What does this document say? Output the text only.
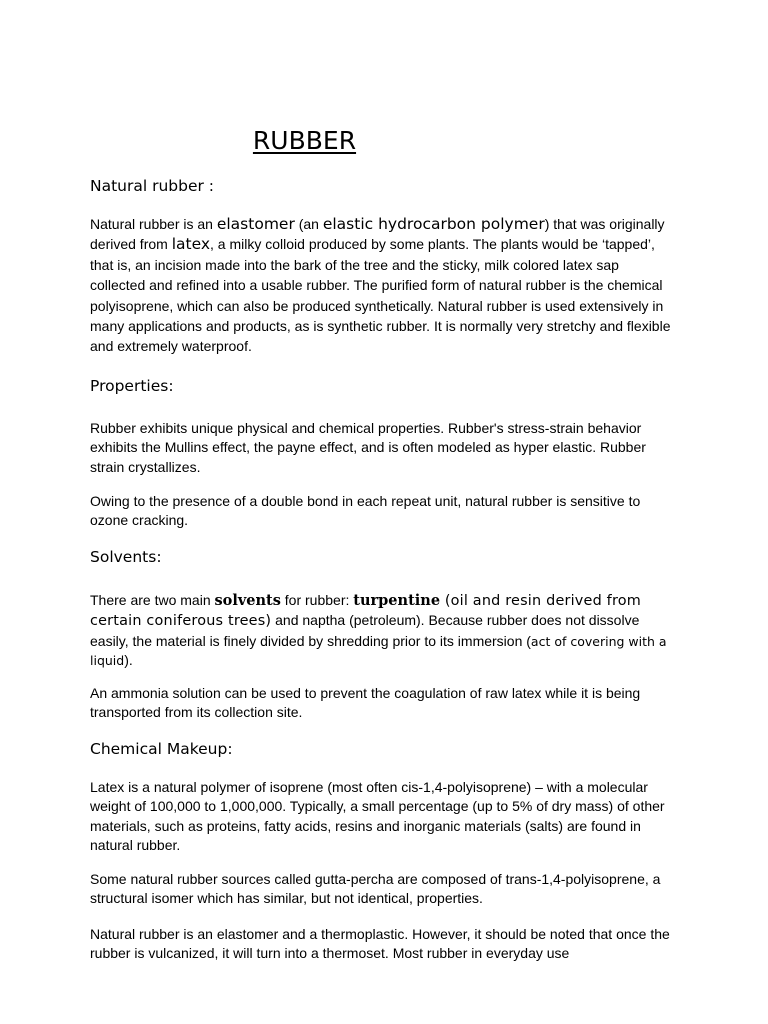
RUBBER
Natural rubber :

Natural rubber is an elastomer (an elastic hydrocarbon polymer) that was originally derived from latex, a milky colloid produced by some plants. The plants would be ‘tapped’, that is, an incision made into the bark of the tree and the sticky, milk colored latex sap collected and refined into a usable rubber. The purified form of natural rubber is the chemical polyisoprene, which can also be produced synthetically. Natural rubber is used extensively in many applications and products, as is synthetic rubber. It is normally very stretchy and flexible and extremely waterproof.

Properties:

Rubber exhibits unique physical and chemical properties. Rubber's stress-strain behavior exhibits the Mullins effect, the payne effect, and is often modeled as hyper elastic. Rubber strain crystallizes.

Owing to the presence of a double bond in each repeat unit, natural rubber is sensitive to ozone cracking.

Solvents:

There are two main solvents for rubber: turpentine (oil and resin derived from certain coniferous trees) and naptha (petroleum). Because rubber does not dissolve easily, the material is finely divided by shredding prior to its immersion (act of covering with a liquid).

An ammonia solution can be used to prevent the coagulation of raw latex while it is being transported from its collection site.

Chemical Makeup:

Latex is a natural polymer of isoprene (most often cis-1,4-polyisoprene) – with a molecular weight of 100,000 to 1,000,000. Typically, a small percentage (up to 5% of dry mass) of other materials, such as proteins, fatty acids, resins and inorganic materials (salts) are found in natural rubber.

Some natural rubber sources called gutta-percha are composed of trans-1,4-polyisoprene, a structural isomer which has similar, but not identical, properties.

Natural rubber is an elastomer and a thermoplastic. However, it should be noted that once the rubber is vulcanized, it will turn into a thermoset. Most rubber in everyday use
